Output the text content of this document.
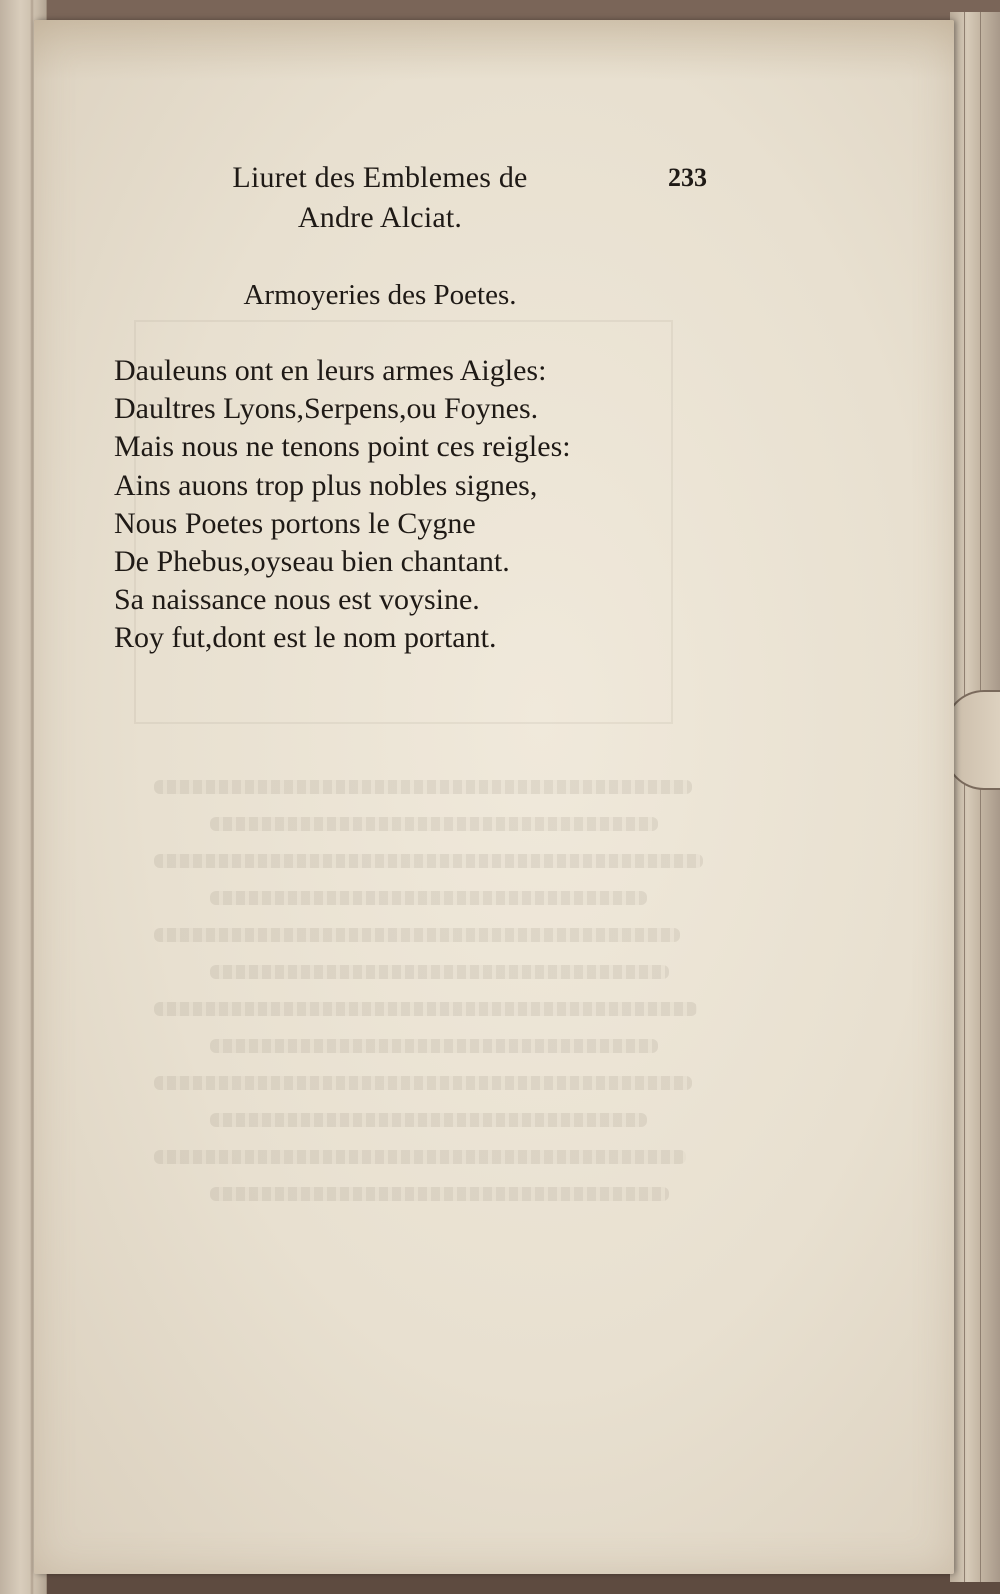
Liuret des Emblemes de
Andre Alciat.
233
Armoyeries des Poetes.
Dauleuns ont en leurs armes Aigles:
Daultres Lyons,Serpens,ou Foynes.
Mais nous ne tenons point ces reigles:
Ains auons trop plus nobles signes,
Nous Poetes portons le Cygne
De Phebus,oyseau bien chantant.
Sa naissance nous est voysine.
Roy fut,dont est le nom portant.
